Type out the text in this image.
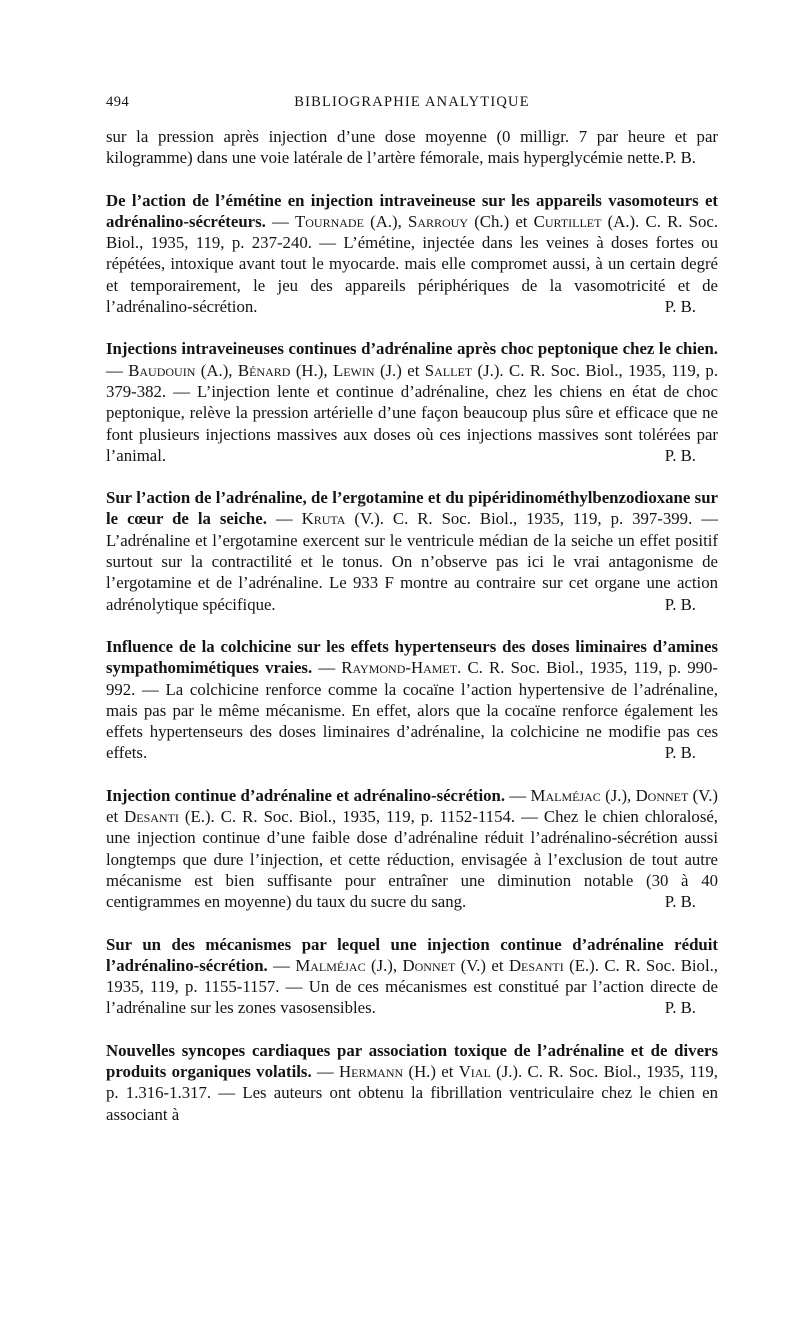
494	BIBLIOGRAPHIE ANALYTIQUE

sur la pression après injection d’une dose moyenne (0 milligr. 7 par heure et par kilogramme) dans une voie latérale de l’artère fémorale, mais hyperglycémie nette. P. B.

De l’action de l’émétine en injection intraveineuse sur les appareils vasomoteurs et adrénalino-sécréteurs. — Tournade (A.), Sarrouy (Ch.) et Curtillet (A.). C. R. Soc. Biol., 1935, 119, p. 237-240. — L’émétine, injectée dans les veines à doses fortes ou répétées, intoxique avant tout le myocarde. mais elle compromet aussi, à un certain degré et temporairement, le jeu des appareils périphériques de la vasomotricité et de l’adrénalino-sécrétion.	P. B.

Injections intraveineuses continues d’adrénaline après choc peptonique chez le chien. — Baudouin (A.), Bénard (H.), Lewin (J.) et Sallet (J.). C. R. Soc. Biol., 1935, 119, p. 379-382. — L’injection lente et continue d’adrénaline, chez les chiens en état de choc peptonique, relève la pression artérielle d’une façon beaucoup plus sûre et efficace que ne font plusieurs injections massives aux doses où ces injections massives sont tolérées par l’animal.	P. B.

Sur l’action de l’adrénaline, de l’ergotamine et du pipéridinométhylbenzodioxane sur le cœur de la seiche. — Kruta (V.). C. R. Soc. Biol., 1935, 119, p. 397-399. — L’adrénaline et l’ergotamine exercent sur le ventricule médian de la seiche un effet positif surtout sur la contractilité et le tonus. On n’observe pas ici le vrai antagonisme de l’ergotamine et de l’adrénaline. Le 933 F montre au contraire sur cet organe une action adrénolytique spécifique.	P. B.

Influence de la colchicine sur les effets hypertenseurs des doses liminaires d’amines sympathomimétiques vraies. — Raymond-Hamet. C. R. Soc. Biol., 1935, 119, p. 990-992. — La colchicine renforce comme la cocaïne l’action hypertensive de l’adrénaline, mais pas par le même mécanisme. En effet, alors que la cocaïne renforce également les effets hypertenseurs des doses liminaires d’adrénaline, la colchicine ne modifie pas ces effets.	P. B.

Injection continue d’adrénaline et adrénalino-sécrétion. — Malméjac (J.), Donnet (V.) et Desanti (E.). C. R. Soc. Biol., 1935, 119, p. 1152-1154. — Chez le chien chloralosé, une injection continue d’une faible dose d’adrénaline réduit l’adrénalino-sécrétion aussi longtemps que dure l’injection, et cette réduction, envisagée à l’exclusion de tout autre mécanisme est bien suffisante pour entraîner une diminution notable (30 à 40 centigrammes en moyenne) du taux du sucre du sang.	P. B.

Sur un des mécanismes par lequel une injection continue d’adrénaline réduit l’adrénalino-sécrétion. — Malméjac (J.), Donnet (V.) et Desanti (E.). C. R. Soc. Biol., 1935, 119, p. 1155-1157. — Un de ces mécanismes est constitué par l’action directe de l’adrénaline sur les zones vasosensibles.	P. B.

Nouvelles syncopes cardiaques par association toxique de l’adrénaline et de divers produits organiques volatils. — Hermann (H.) et Vial (J.). C. R. Soc. Biol., 1935, 119, p. 1.316-1.317. — Les auteurs ont obtenu la fibrillation ventriculaire chez le chien en associant à
